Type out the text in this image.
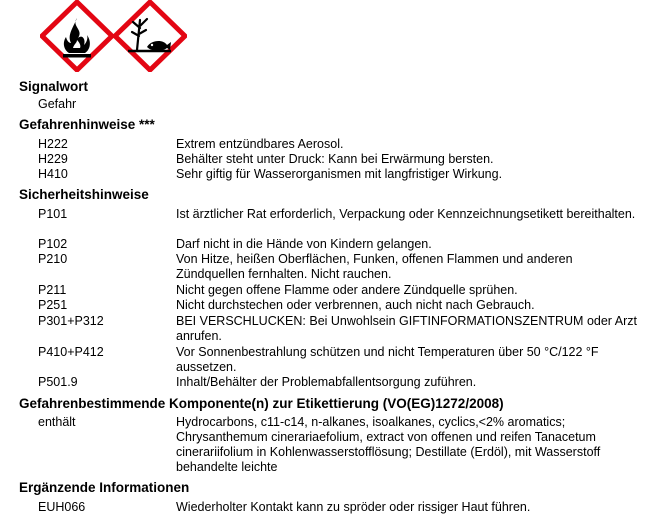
Signalwort
Gefahr
Gefahrenhinweise ***
H222	Extrem entzündbares Aerosol.
H229	Behälter steht unter Druck: Kann bei Erwärmung bersten.
H410	Sehr giftig für Wasserorganismen mit langfristiger Wirkung.
Sicherheitshinweise
P101	Ist ärztlicher Rat erforderlich, Verpackung oder Kennzeichnungsetikett bereithalten.
P102	Darf nicht in die Hände von Kindern gelangen.
P210	Von Hitze, heißen Oberflächen, Funken, offenen Flammen und anderen Zündquellen fernhalten. Nicht rauchen.
P211	Nicht gegen offene Flamme oder andere Zündquelle sprühen.
P251	Nicht durchstechen oder verbrennen, auch nicht nach Gebrauch.
P301+P312	BEI VERSCHLUCKEN: Bei Unwohlsein GIFTINFORMATIONSZENTRUM oder Arzt anrufen.
P410+P412	Vor Sonnenbestrahlung schützen und nicht Temperaturen über 50 °C/122 °F aussetzen.
P501.9	Inhalt/Behälter der Problemabfallentsorgung zuführen.
Gefahrenbestimmende Komponente(n) zur Etikettierung (VO(EG)1272/2008)
enthält	Hydrocarbons, c11-c14, n-alkanes, isoalkanes, cyclics,<2% aromatics; Chrysanthemum cinerariaefolium, extract von offenen und reifen Tanacetum cinerariifolium in Kohlenwasserstofflösung; Destillate (Erdöl), mit Wasserstoff behandelte leichte
Ergänzende Informationen
EUH066	Wiederholter Kontakt kann zu spröder oder rissiger Haut führen.
